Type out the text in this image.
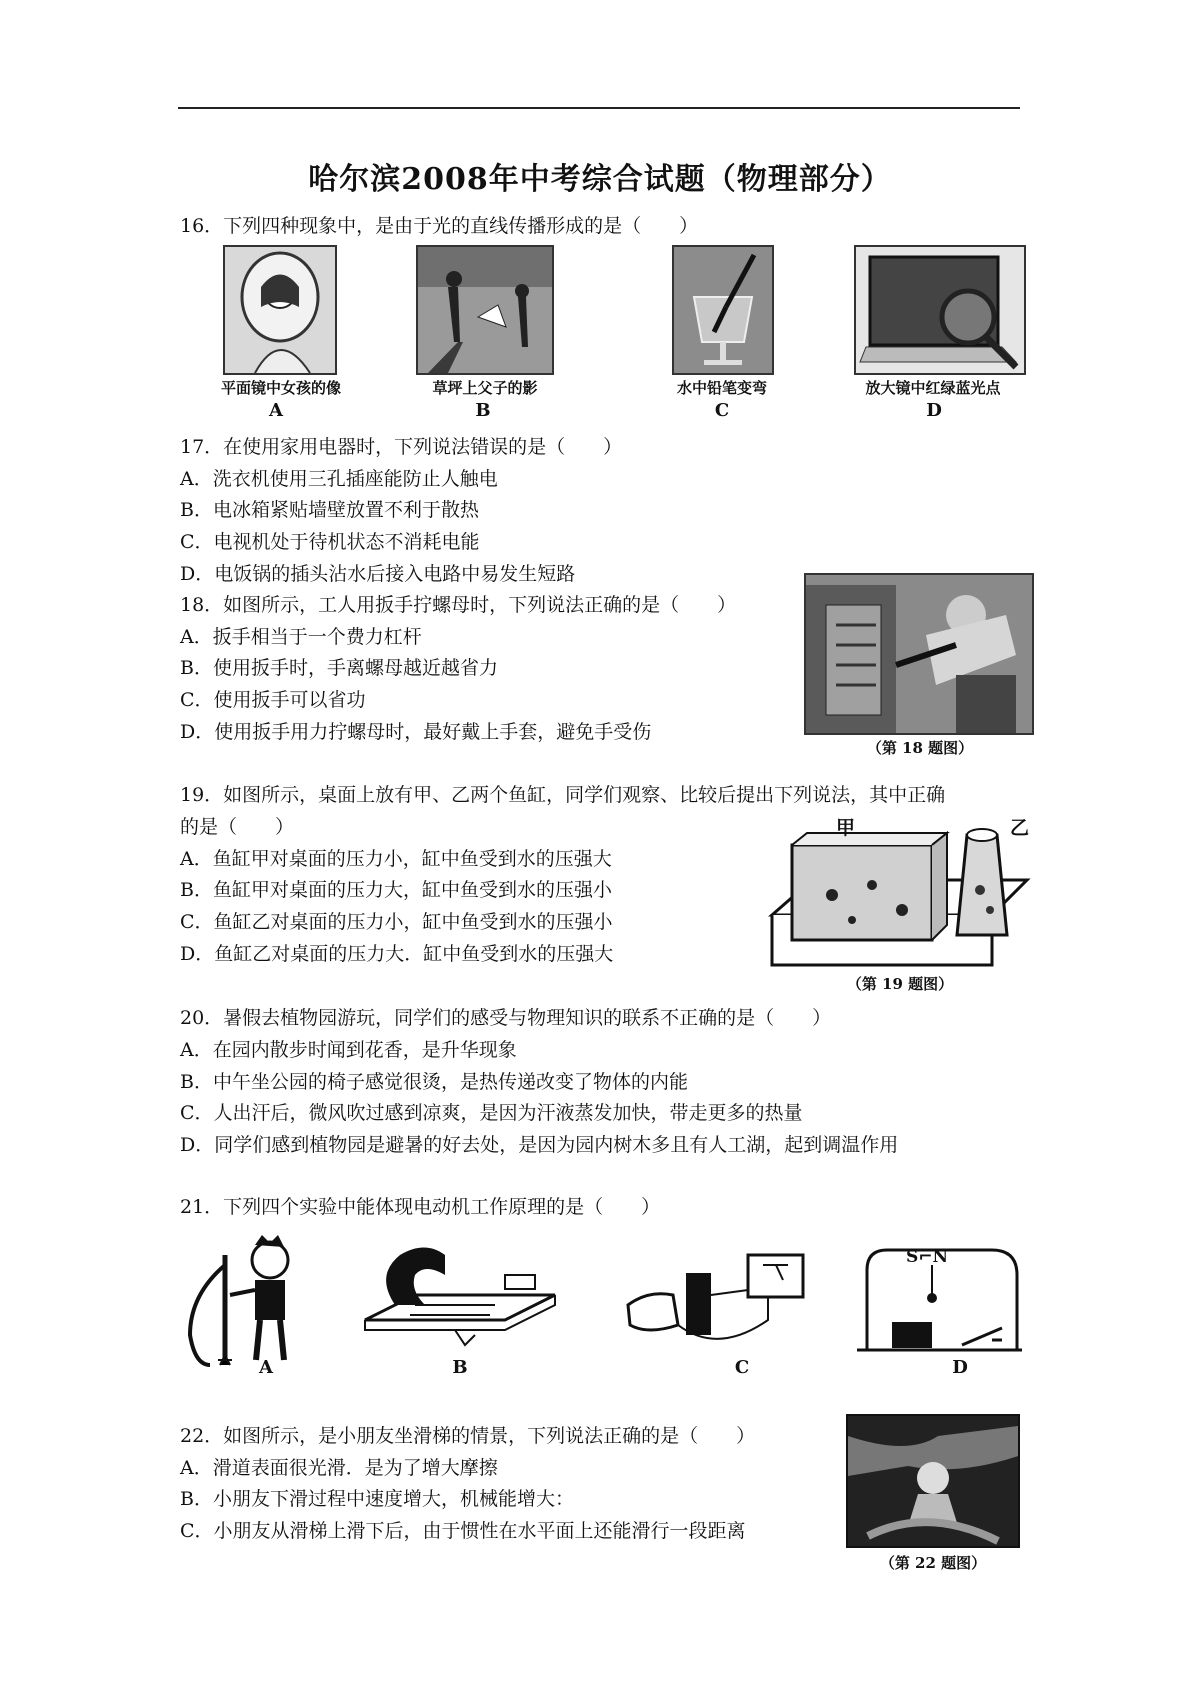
哈尔滨2008年中考综合试题（物理部分）
16．下列四种现象中，是由于光的直线传播形成的是（　　）
平面镜中女孩的像	草坪上父子的影	水中铅笔变弯	放大镜中红绿蓝光点
A	B	C	D
17．在使用家用电器时，下列说法错误的是（　　）
A．洗衣机使用三孔插座能防止人触电
B．电冰箱紧贴墙壁放置不利于散热
C．电视机处于待机状态不消耗电能
D．电饭锅的插头沾水后接入电路中易发生短路
18．如图所示，工人用扳手拧螺母时，下列说法正确的是（　　）
A．扳手相当于一个费力杠杆
B．使用扳手时，手离螺母越近越省力
C．使用扳手可以省功
D．使用扳手用力拧螺母时，最好戴上手套，避免手受伤
（第 18 题图）
19．如图所示，桌面上放有甲、乙两个鱼缸，同学们观察、比较后提出下列说法，其中正确
的是（　　）
A．鱼缸甲对桌面的压力小，缸中鱼受到水的压强大
B．鱼缸甲对桌面的压力大，缸中鱼受到水的压强小
C．鱼缸乙对桌面的压力小，缸中鱼受到水的压强小
D．鱼缸乙对桌面的压力大．缸中鱼受到水的压强大
甲	乙
（第 19 题图）
20．暑假去植物园游玩，同学们的感受与物理知识的联系不正确的是（　　）
A．在园内散步时闻到花香，是升华现象
B．中午坐公园的椅子感觉很烫，是热传递改变了物体的内能
C．人出汗后，微风吹过感到凉爽，是因为汗液蒸发加快，带走更多的热量
D．同学们感到植物园是避暑的好去处，是因为园内树木多且有人工湖，起到调温作用
21．下列四个实验中能体现电动机工作原理的是（　　）
S⌐N
A	B	C	D
22．如图所示，是小朋友坐滑梯的情景，下列说法正确的是（　　）
A．滑道表面很光滑．是为了增大摩擦
B．小朋友下滑过程中速度增大，机械能增大：
C．小朋友从滑梯上滑下后，由于惯性在水平面上还能滑行一段距离
（第 22 题图）
